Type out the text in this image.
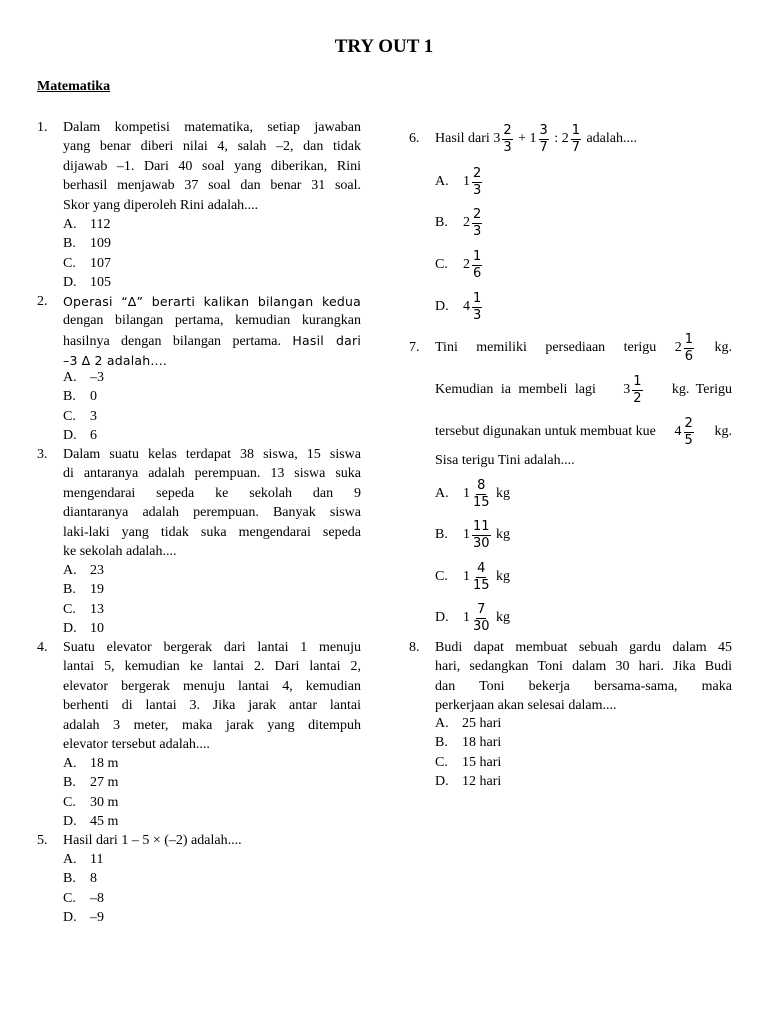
TRY OUT 1
Matematika
1. Dalam kompetisi matematika, setiap jawaban
yang benar diberi nilai 4, salah –2, dan tidak
dijawab –1. Dari 40 soal yang diberikan, Rini
berhasil menjawab 37 soal dan benar 31 soal.
Skor yang diperoleh Rini adalah....
A. 112
B. 109
C. 107
D. 105
2. Operasi “∆” berarti kalikan bilangan kedua
dengan bilangan pertama, kemudian kurangkan
hasilnya dengan bilangan pertama. Hasil dari
–3 ∆ 2 adalah....
A. –3
B. 0
C. 3
D. 6
3. Dalam suatu kelas terdapat 38 siswa, 15 siswa
di antaranya adalah perempuan. 13 siswa suka
mengendarai sepeda ke sekolah dan 9
diantaranya adalah perempuan. Banyak siswa
laki-laki yang tidak suka mengendarai sepeda
ke sekolah adalah....
A. 23
B. 19
C. 13
D. 10
4. Suatu elevator bergerak dari lantai 1 menuju
lantai 5, kemudian ke lantai 2. Dari lantai 2,
elevator bergerak menuju lantai 4, kemudian
berhenti di lantai 3. Jika jarak antar lantai
adalah 3 meter, maka jarak yang ditempuh
elevator tersebut adalah....
A. 18 m
B. 27 m
C. 30 m
D. 45 m
5. Hasil dari 1 – 5 × (–2) adalah....
A. 11
B. 8
C. –8
D. –9
6.	Hasil dari
$3 \frac{2}{3}$
+
$1 \frac{3}{7}$
:
$2 \frac{1}{7}$
adalah....
A.	$1 \frac{2}{3}$
B.	$2 \frac{2}{3}$
C.	$2 \frac{1}{6}$
D.	$4 \frac{1}{3}$
7.	Tini memiliki persediaan terigu $2 \frac{1}{6}$ kg.
Kemudian ia membeli lagi $3 \frac{1}{2}$ kg. Terigu
tersebut digunakan untuk membuat kue $4 \frac{2}{5}$ kg.
Sisa terigu Tini adalah....
A.	$1 \frac{8}{15}$
kg
B.	$1 \frac{11}{30}$
kg
C.	$1 \frac{4}{15}$
kg
D.	$1 \frac{7}{30}$
kg
8. Budi dapat membuat sebuah gardu dalam 45
hari, sedangkan Toni dalam 30 hari. Jika Budi
dan Toni bekerja bersama-sama, maka
perkerjaan akan selesai dalam....
A. 25 hari
B. 18 hari
C. 15 hari
D. 12 hari
